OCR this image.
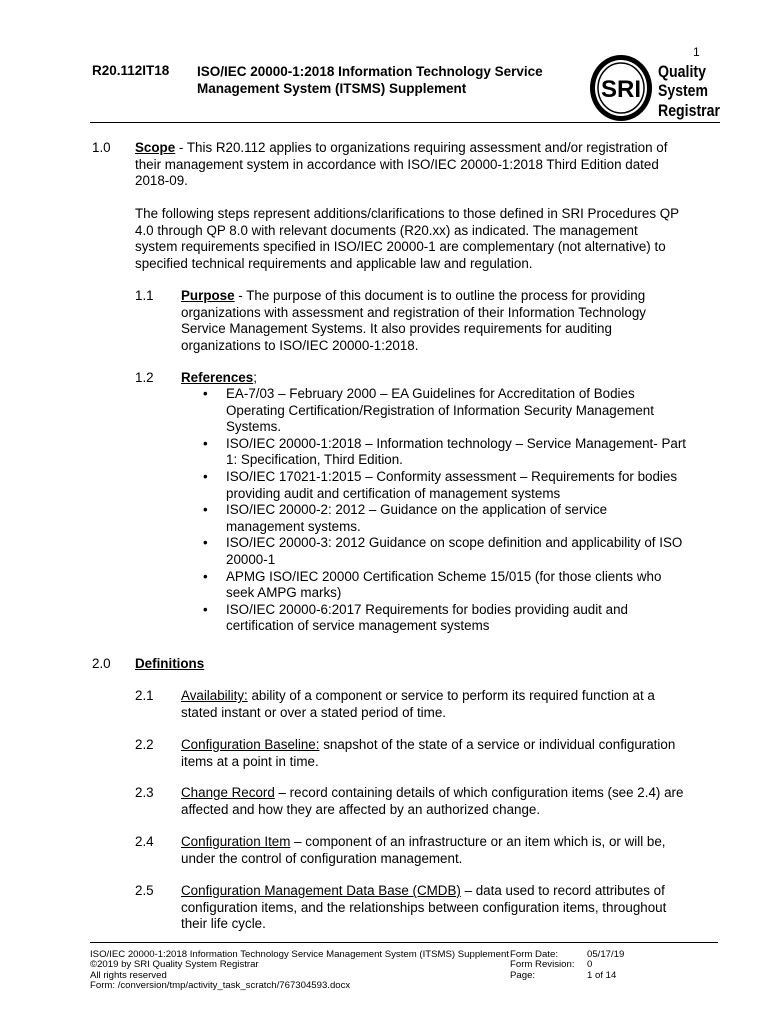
R20.112IT18 ISO/IEC 20000-1:2018 Information Technology Service
Management System (ITSMS) Supplement
1
SRI
Quality
System
Registrar
1.0 Scope - This R20.112 applies to organizations requiring assessment and/or registration of
their management system in accordance with ISO/IEC 20000-1:2018 Third Edition dated
2018-09.
The following steps represent additions/clarifications to those defined in SRI Procedures QP
4.0 through QP 8.0 with relevant documents (R20.xx) as indicated. The management
system requirements specified in ISO/IEC 20000-1 are complementary (not alternative) to
specified technical requirements and applicable law and regulation.
1.1 Purpose - The purpose of this document is to outline the process for providing
organizations with assessment and registration of their Information Technology
Service Management Systems. It also provides requirements for auditing
organizations to ISO/IEC 20000-1:2018.
1.2 References;
• EA-7/03 – February 2000 – EA Guidelines for Accreditation of Bodies
Operating Certification/Registration of Information Security Management
Systems.
• ISO/IEC 20000-1:2018 – Information technology – Service Management- Part
1: Specification, Third Edition.
• ISO/IEC 17021-1:2015 – Conformity assessment – Requirements for bodies
providing audit and certification of management systems
• ISO/IEC 20000-2: 2012 – Guidance on the application of service
management systems.
• ISO/IEC 20000-3: 2012 Guidance on scope definition and applicability of ISO
20000-1
• APMG ISO/IEC 20000 Certification Scheme 15/015 (for those clients who
seek AMPG marks)
• ISO/IEC 20000-6:2017 Requirements for bodies providing audit and
certification of service management systems
2.0 Definitions
2.1 Availability: ability of a component or service to perform its required function at a
stated instant or over a stated period of time.
2.2 Configuration Baseline: snapshot of the state of a service or individual configuration
items at a point in time.
2.3 Change Record – record containing details of which configuration items (see 2.4) are
affected and how they are affected by an authorized change.
2.4 Configuration Item – component of an infrastructure or an item which is, or will be,
under the control of configuration management.
2.5 Configuration Management Data Base (CMDB) – data used to record attributes of
configuration items, and the relationships between configuration items, throughout
their life cycle.
ISO/IEC 20000-1:2018 Information Technology Service Management System (ITSMS) Supplement
©2019 by SRI Quality System Registrar
All rights reserved
Form: /conversion/tmp/activity_task_scratch/767304593.docx
Form Date:
Form Revision:
Page:
05/17/19
0
1 of 14
